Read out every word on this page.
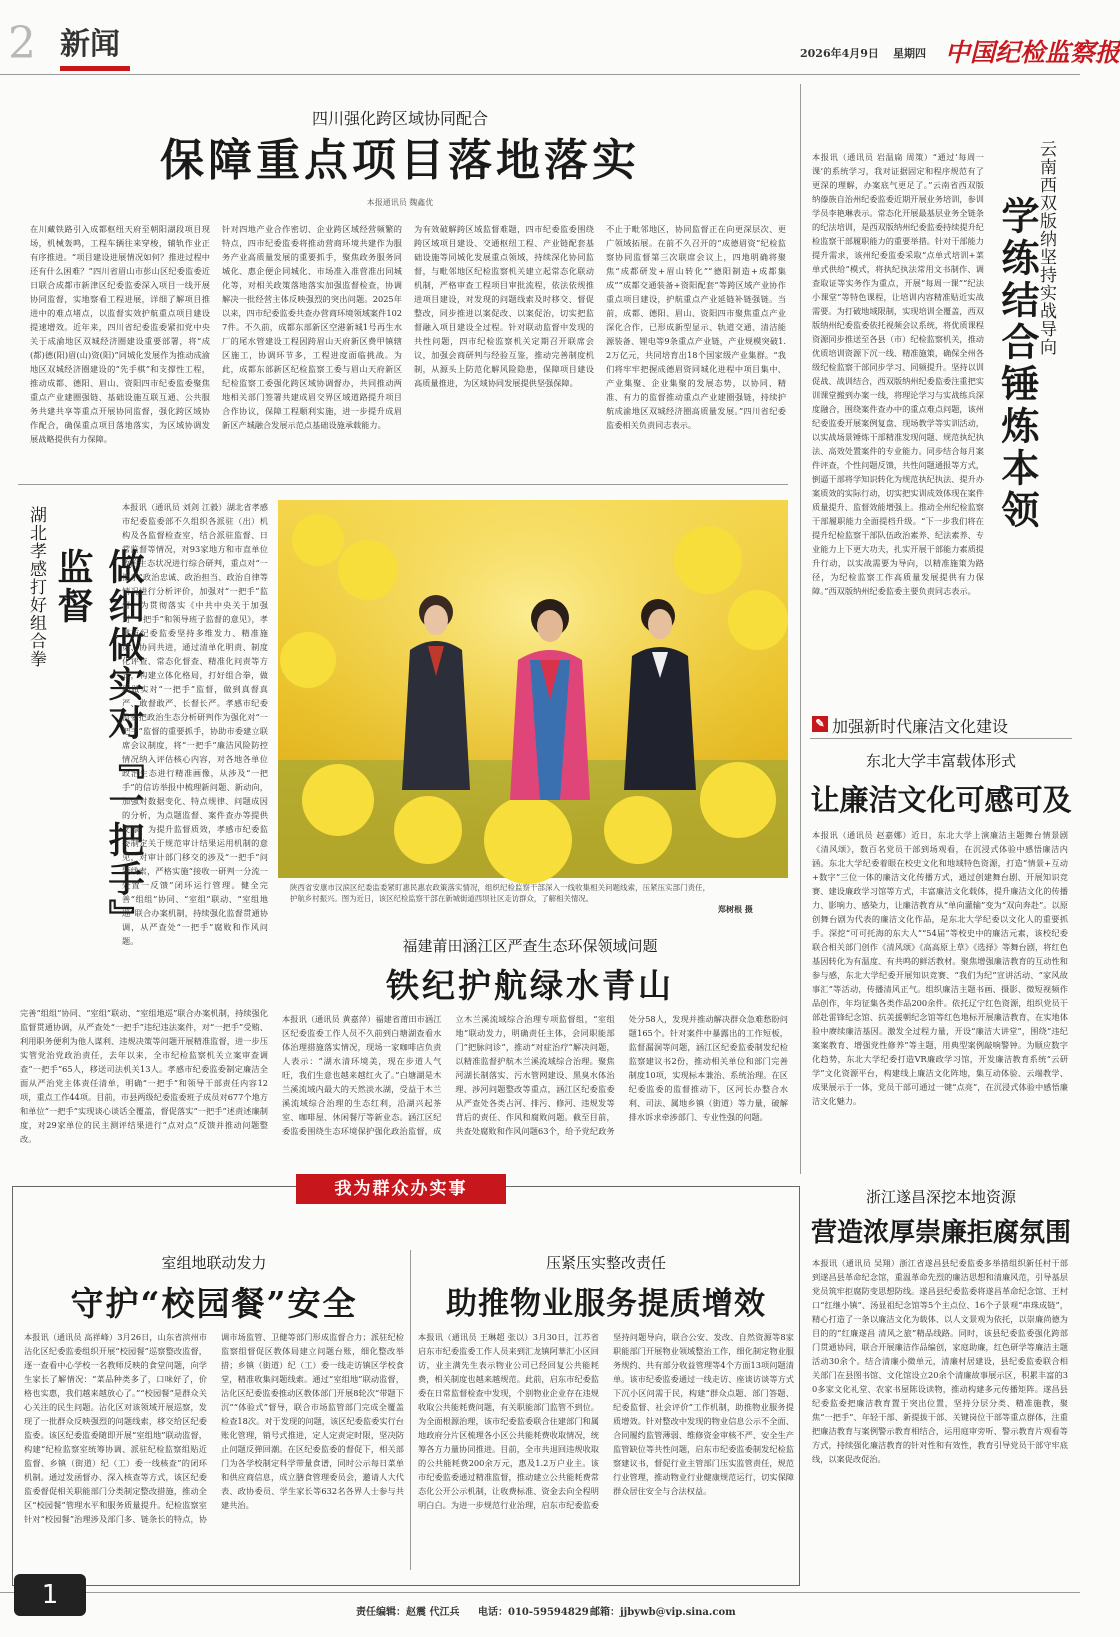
2 新闻	2026年4月9日 星期四 中国纪检监察报
四川强化跨区域协同配合
保障重点项目落地落实
本报通讯员 魏鑫优
在川藏铁路引入成都枢纽天府至朝阳湖段项目现场，机械轰鸣，工程车辆往来穿梭，辅轨作业正有序推进。“项目建设进展情况如何？推进过程中还有什么困难？”四川省眉山市彭山区纪委监委近日联合成都市新津区纪委监委深入项目一线开展协同监督，实地察看工程进展，详细了解项目推进中的难点堵点，以监督实效护航重点项目建设提速增效。近年来，四川省纪委监委紧扣党中央关于成渝地区双城经济圈建设重要部署，将“成(都)德(阳)眉(山)资(阳)”同城化发展作为推动成渝地区双城经济圈建设的“先手棋”和支撑性工程，推动成都、德阳、眉山、资阳四市纪委监委聚焦重点产业建圈强链、基础设施互联互通、公共服务共建共享等重点开展协同监督，强化跨区域协作配合，确保重点项目落地落实，为区域协调发展战略提供有力保障。
针对四地产业合作密切、企业跨区域经营频繁的特点，四市纪委监委将推动营商环境共建作为服务产业高质量发展的重要抓手，聚焦政务服务同城化、惠企便企同城化、市场准入准营准出同城化等，对相关政策落地落实加强监督检查，协调解决一批经营主体反映强烈的突出问题。2025年以来，四市纪委监委共查办营商环境领域案件1027件。不久前，成都东部新区空港新城1号再生水厂的尾水管建设工程因跨眉山天府新区费甲镇辖区施工，协调环节多，工程进度面临挑战。为此，成都东部新区纪检监察工委与眉山天府新区纪检监察工委强化跨区域协调督办，共同推动两地相关部门签署共建成眉交界区域道路提升项目合作协议，保障工程顺利实施，进一步提升成眉新区产城融合发展示范点基础设施承载能力。
为有效破解跨区域监督难题，四市纪委监委围绕跨区域项目建设、交通枢纽工程、产业链配套基础设施等同城化发展重点领域，持续深化协同监督，与毗邻地区纪检监察机关建立起常态化联动机制，严格审查工程项目审批流程，依法依规推进项目建设，对发现的问题线索及时移交、督促整改，同步推进以案促改、以案促治，切实把监督融入项目建设全过程。针对联动监督中发现的共性问题，四市纪检监察机关定期召开联席会议，加强会商研判与经验互鉴，推动完善制度机制，从源头上防范化解风险隐患，保障项目建设高质量推进，为区域协同发展提供坚强保障。
不止于毗邻地区，协同监督正在向更深层次、更广领域拓展。在前不久召开的“成德眉资”纪检监察协同监督第三次联席会议上，四地明确将聚焦“成都研发+眉山转化”“德阳制造+成都集成”“成都交通装备+资阳配套”等跨区域产业协作重点项目建设，护航重点产业延链补链强链。当前，成都、德阳、眉山、资阳四市聚焦重点产业深化合作，已形成新型显示、轨道交通、清洁能源装备、锂电等9条重点产业链，产业规模突破1.2万亿元，共同培育出18个国家级产业集群。“我们将牢牢把握成德眉资同城化进程中项目集中、产业集聚、企业集聚的发展态势，以协同、精准、有力的监督推动重点产业建圈强链，持续护航成渝地区双城经济圈高质量发展。”四川省纪委监委相关负责同志表示。
云南西双版纳坚持实战导向
学练结合锤炼本领
本报讯（通讯员 岩温扁 周策）“通过‘每周一课’的系统学习，我对证据固定和程序规范有了更深的理解，办案底气更足了。”云南省西双版纳傣族自治州纪委监委近期开展业务培训，参训学员李艳琳表示。常态化开展最基层业务全链条的纪法培训，是西双版纳州纪委监委持续提升纪检监察干部履职能力的重要举措。针对干部能力提升需求，该州纪委监委采取“点单式培训+菜单式供给”模式，将执纪执法常用文书制作、调查取证等实务作为重点，开展“每周一课”“纪法小课堂”等特色课程，让培训内容精准贴近实战需要。为打破地域限制，实现培训全覆盖，西双版纳州纪委监委依托视频会议系统，将优质课程资源同步推送至各县（市）纪检监察机关，推动优质培训资源下沉一线、精准施策，确保全州各级纪检监察干部同步学习、同频提升。坚持以训促战、战训结合，西双版纳州纪委监委注重把实训课堂搬到办案一线，将理论学习与实战练兵深度融合，围绕案件查办中的重点难点问题，该州纪委监委开展案例复盘、现场教学等实训活动，以实战场景锤炼干部精准发现问题、规范执纪执法、高效处置案件的专业能力。同步结合每月案件评查，个性问题反馈，共性问题通报等方式，倒逼干部将学知识转化为规范执纪执法、提升办案质效的实际行动，切实把实训成效体现在案件质量提升、监督效能增强上。推动全州纪检监察干部履职能力全面提档升级。“下一步我们将在提升纪检监察干部队伍政治素养、纪法素养、专业能力上下更大功夫，扎实开展干部能力素质提升行动，以实战需要为导向，以精准施策为路径，为纪检监察工作高质量发展提供有力保障。”西双版纳州纪委监委主要负责同志表示。
湖北孝感打好组合拳	做细做实对『一把手』监督
本报讯（通讯员 刘剑 江毅）湖北省孝感市纪委监委部不久组织各派驻（出）机构及各监督检查室，结合派驻监督、日常监督等情况，对93家地方和市直单位政治生态状况进行综合研判，重点对“一把手”政治忠诚、政治担当、政治自律等情况进行分析评价，加强对“一把手”监督。为贯彻落实《中共中央关于加强对“一把手”和领导班子监督的意见》，孝感市纪委监委坚持多维发力、精准施策、协同共进，通过清单化明责、制度化评查、常态化督查、精准化问责等方式，构建立体化格局，打好组合拳，做细做实对“一把手”监督，做到真督真严、敢督敢严、长督长严。孝感市纪委监委把政治生态分析研判作为强化对“一把手”监督的重要抓手，协助市委建立联席会议制度，将“一把手”廉洁风险防控情况纳入评估核心内容，对各地各单位政治生态进行精准画像，从涉及“一把手”的信访举报中梳理新问题、新动向，加强对数据变化、特点规律、问题成因的分析，为点题监督、案件查办等提供支撑。为提升监督质效，孝感市纪委监委制定关于规范审计结果运用机制的意见，对审计部门移交的涉及“一把手”问题线索，严格实施“接收一研判一分流一处置一反馈”闭环运行管理。健全完善“组组”协同、“室组”联动、“室组地巡”联合办案机制，持续强化监督贯通协调，从严查处“一把手”腐败和作风问题。
完善“组组”协同、“室组”联动、“室组地巡”联合办案机制，持续强化监督贯通协调，从严查处“一把手”违纪违法案件，对“一把手”受贿、利用职务便利为他人谋利、违规决策等问题开展精准监督，进一步压实管党治党政治责任，去年以来，全市纪检监察机关立案审查调查“一把手”65人，移送司法机关13人。孝感市纪委监委制定廉洁全面从严治党主体责任清单，明确“一把手”和领导干部责任内容12项，重点工作44项。目前，市县两级纪委监委班子成员对677个地方和单位“一把手”实现谈心谈话全覆盖，督促落实“一把手”述责述廉制度，对29家单位的民主测评结果进行“点对点”反馈并推动问题整改。
陕西省安康市汉滨区纪委监委紧盯惠民惠农政策落实情况，组织纪检监察干部深入一线收集相关问题线索，压紧压实部门责任，护航乡村振兴。图为近日，该区纪检监察干部在新城街道西坝社区走访群众，了解相关情况。
郑树根 摄
福建莆田涵江区严查生态环保领域问题
铁纪护航绿水青山
本报讯（通讯员 黄嘉萍）福建省莆田市涵江区纪委监委工作人员不久前到白塘湖查看水体治理措施落实情况，现场一家咖啡店负责人表示：“湖水清环境美，现在步道人气旺，我们生意也越来越红火了。”白塘湖是木兰溪流域内最大的天然淡水湖，受益于木兰溪流域综合治理的生态红利，沿湖兴起茶室、咖啡屋、休闲餐厅等新业态。涵江区纪委监委围绕生态环境保护强化政治监督，成立木兰溪流域综合治理专项监督组，“室组地”联动发力，明确责任主体，会同职能部门“把脉问诊”，推动“对症治疗”解决问题，以精准监督护航木兰溪流域综合治理。聚焦河湖长制落实、污水管网建设、黑臭水体治理、涉河问题整改等重点，涵江区纪委监委从严查处各类占河、排污、修河、违规发等背后的责任、作风和腐败问题。截至目前，共查处腐败和作风问题63个，给予党纪政务处分58人，发现并推动解决群众急难愁盼问题165个。针对案件中暴露出的工作短板，监督漏洞等问题，涵江区纪委监委制发纪检监察建议书2份，推动相关单位和部门完善制度10项，实现标本兼治、系统治理。在区纪委监委的监督推动下，区河长办整合水利、司法、属地乡镇（街道）等力量，破解排水诉求牵涉部门、专业性强的问题。
✎ 加强新时代廉洁文化建设
东北大学丰富载体形式
让廉洁文化可感可及
本报讯（通讯员 赵嘉娜）近日，东北大学上演廉洁主题舞台情景剧《清风颂》，数百名党员干部到场观看，在沉浸式体验中感悟廉洁内涵。东北大学纪委着眼在校史文化和地域特色资源，打造“情景+互动+数字”三位一体的廉洁文化传播方式，通过创建舞台剧、开展知识竞赛、建设廉政学习馆等方式，丰富廉洁文化载体，提升廉洁文化的传播力、影响力、感染力，让廉洁教育从“单向灌输”变为“双向奔赴”。以原创舞台剧为代表的廉洁文化作品，是东北大学纪委以文化人的重要抓手。深挖“可可托海的东大人”“54届”等校史中的廉洁元素，该校纪委联合相关部门创作《清风颂》《高高原上草》《选择》等舞台剧，将红色基因转化为有温度、有共鸣的鲜活教材。聚焦增强廉洁教育的互动性和参与感，东北大学纪委开展知识竞赛、“我们为纪”宣讲活动、“家风故事汇”等活动，传播清风正气。组织廉洁主题书画、摄影、微短视频作品创作，年均征集各类作品200余件。依托辽宁红色资源，组织党员干部赴雷锋纪念馆、抗美援朝纪念馆等红色地标开展廉洁教育，在实地体验中赓续廉洁基因。激发全过程力量，开设“廉洁大讲堂”，围绕“违纪案案教育、增强党性修养”等主题，用典型案例敲响警钟。为顺应数字化趋势，东北大学纪委打造VR廉政学习馆，开发廉洁教育系统“云研学”文化资源平台，构建线上廉洁文化阵地，集互动体验、云端教学、成果展示于一体，党员干部可通过一键“点亮”，在沉浸式体验中感悟廉洁文化魅力。
我为群众办实事
室组地联动发力
守护“校园餐”安全
本报讯（通讯员 高祥峰）3月26日，山东省滨州市沾化区纪委监委组织开展“校园餐”巡察整改监督，逐一查看中心学校一名教师反映的食堂问题，向学生家长了解情况：“菜品种类多了，口味好了，价格也实惠，我们越来越放心了。”“校园餐”是群众关心关注的民生问题。沾化区对该领域开展巡察，发现了一批群众反映强烈的问题线索，移交给区纪委监委。该区纪委监委随即开展“室组地”联动监督，构建“纪检监察室统筹协调、派驻纪检监察组贴近监督、乡镇（街道）纪（工）委一线核查”的闭环机制。通过发函督办、深入核查等方式，该区纪委监委督促相关职能部门分类制定整改措施，推动全区“校园餐”管理水平和服务质量提升。纪检监察室针对“校园餐”治理涉及部门多、链条长的特点，协调市场监管、卫健等部门形成监督合力；派驻纪检监察组督促区教体局建立问题台账，细化整改举措；乡镇（街道）纪（工）委一线走访镇区学校食堂，精准收集问题线索。通过“室组地”联动监督，沾化区纪委监委推动区教体部门开展8轮次“带题下沉”“体验式”督导，联合市场监管部门完成全覆盖检查18次。对于发现的问题，该区纪委监委实行台账化管理，销号式推进，定人定责定时限，坚决防止问题反弹回潮。在区纪委监委的督促下，相关部门为各学校制定科学带量食谱，同时公示每日菜单和供应商信息，成立膳食管理委员会，邀请人大代表、政协委员、学生家长等632名各界人士参与共建共治。
压紧压实整改责任
助推物业服务提质增效
本报讯（通讯员 王琳超 张以）3月30日，江苏省启东市纪委监委工作人员来到汇龙镇阿華汇小区回访，业主满先生表示物业公司已经回复公共能耗费，相关制度也越来越规范。此前，启东市纪委监委在日常监督检查中发现，个别物业企业存在违规收取公共能耗费问题，有关职能部门监管不到位。为全面根源治理，该市纪委监委联合住建部门和属地政府分片区梳理各小区公共能耗费收取情况，统筹各方力量协同推进。目前，全市共退回违规收取的公共能耗费200余万元，惠及1.2万户业主。该市纪委监委通过精准监督，推动建立公共能耗费常态化公开公示机制，让收费标准、资金去向全程明明白白。为进一步规范行业治理，启东市纪委监委坚持问题导向，联合公安、发改、自然资源等8家职能部门开展物业领域整治工作，细化制定物业服务规约、共有部分收益管理等4个方面13项问题清单。该市纪委监委通过一线走访、座谈访谈等方式下沉小区问需于民，构建“群众点题、部门答题、纪委监督、社会评价”工作机制，助推物业服务提质增效。针对整改中发现的物业信息公示不全面、合同履约监管薄弱、维修资金审核不严、安全生产监管缺位等共性问题，启东市纪委监委制发纪检监察建议书，督促行业主管部门压实监管责任，规范行业管理，推动物业行业健康规范运行，切实保障群众居住安全与合法权益。
浙江遂昌深挖本地资源
营造浓厚崇廉拒腐氛围
本报讯（通讯员 吴翔）浙江省遂昌县纪委监委多举措组织新任村干部到遂昌县革命纪念馆，重温革命先烈的廉洁思想和清廉风范，引导基层党员筑牢拒腐防变思想防线。遂昌县纪委监委将遂昌革命纪念馆、王村口“红继小镇”、汤显祖纪念馆等5个主点位、16个子景观“串珠成链”，精心打造了一条以廉洁文化为载体、以人文景观为依托，以崇廉尚德为目的的“红廉遂昌 清风之旅”精品线路。同时，该县纪委监委强化跨部门贯通协同，联合开展廉洁作品编创，家庭助廉，红色研学等廉洁主题活动30余个。结合清廉小微单元，清廉村居建设，县纪委监委联合相关部门在县图书馆、文化馆设立20余个清廉故事展示区，积累丰富的30多家文化礼堂、农家书屋陈设读物，推动构建多元传播矩阵。遂昌县纪委监委把廉洁教育置于突出位置，坚持分层分类、精准施教，聚焦“一把手”、年轻干部、新提拔干部、关键岗位干部等重点群体，注重把廉洁教育与案例警示教育相结合，运用庭审旁听、警示教育片观看等方式，持续强化廉洁教育的针对性和有效性，教育引导党员干部守牢底线，以案促改促治。
责任编辑：赵震 代江兵 电话：010-59594829 邮箱：jjbywb@vip.sina.com
1
